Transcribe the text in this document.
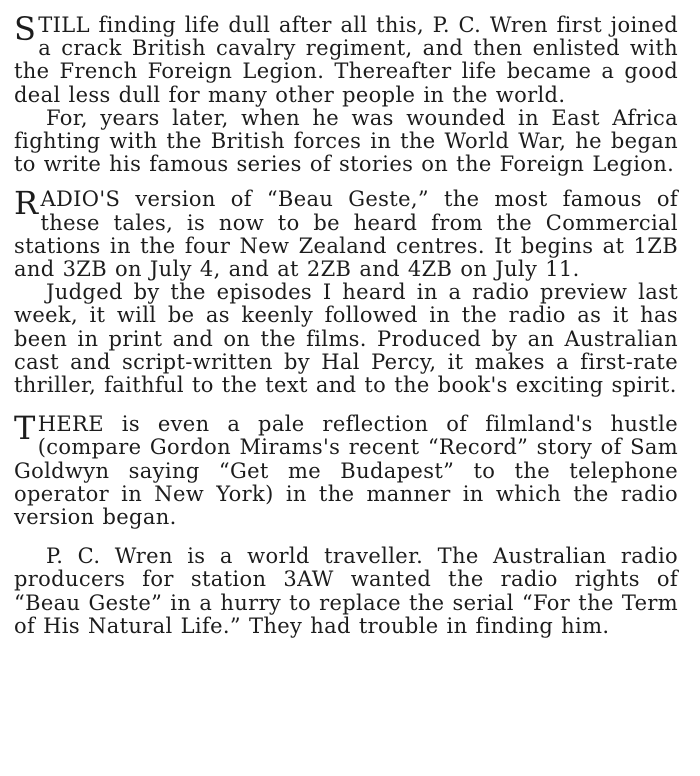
STILL finding life dull after all this, P. C. Wren first joined a crack British cavalry regiment, and then enlisted with the French Foreign Legion. Thereafter life became a good deal less dull for many other people in the world.

For, years later, when he was wounded in East Africa fighting with the British forces in the World War, he began to write his famous series of stories on the Foreign Legion.

RADIO'S version of “Beau Geste,” the most famous of these tales, is now to be heard from the Commercial stations in the four New Zealand centres. It begins at 1ZB and 3ZB on July 4, and at 2ZB and 4ZB on July 11.

Judged by the episodes I heard in a radio preview last week, it will be as keenly followed in the radio as it has been in print and on the films. Produced by an Australian cast and script-written by Hal Percy, it makes a first-rate thriller, faithful to the text and to the book's exciting spirit.

THERE is even a pale reflection of filmland's hustle (compare Gordon Mirams's recent “Record” story of Sam Goldwyn saying “Get me Budapest” to the telephone operator in New York) in the manner in which the radio version began.

P. C. Wren is a world traveller. The Australian radio producers for station 3AW wanted the radio rights of “Beau Geste” in a hurry to replace the serial “For the Term of His Natural Life.” They had trouble in finding him.
